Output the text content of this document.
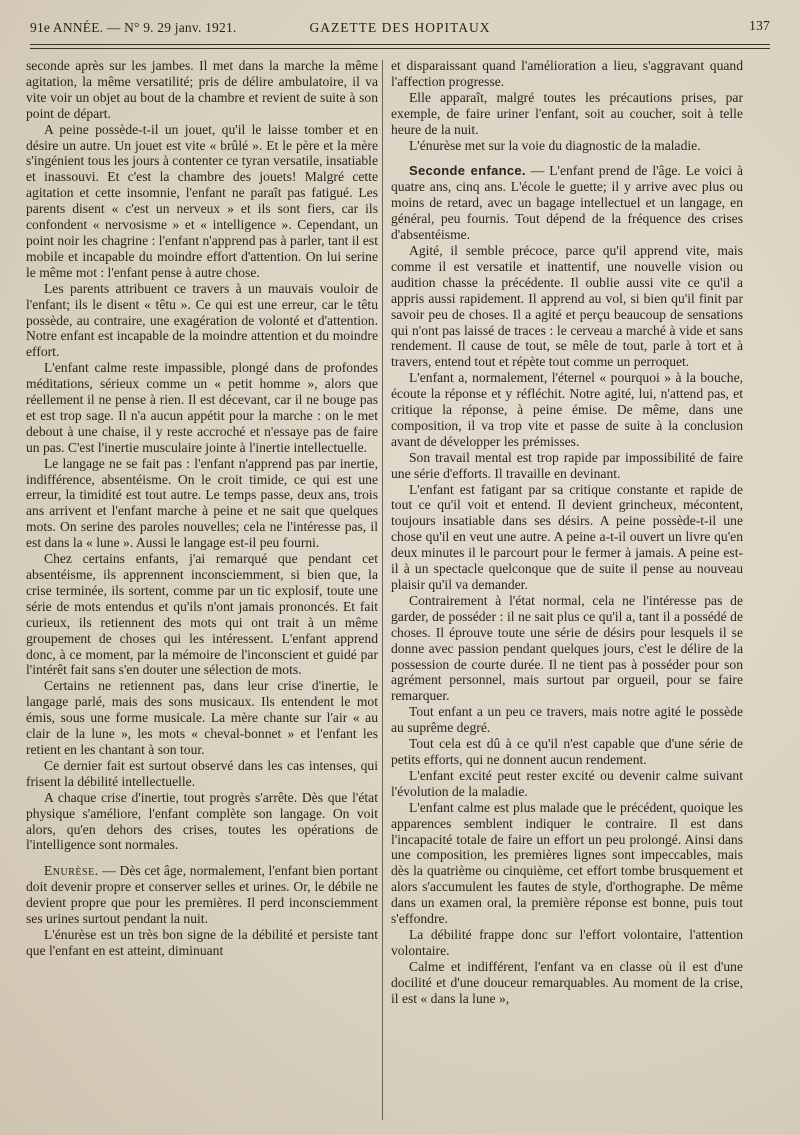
91e ANNÉE. — N° 9. 29 janv. 1921.	GAZETTE DES HOPITAUX	137

seconde après sur les jambes. Il met dans la marche la même agitation, la même versatilité; pris de délire ambulatoire, il va vite voir un objet au bout de la chambre et revient de suite à son point de départ.

A peine possède-t-il un jouet, qu'il le laisse tomber et en désire un autre. Un jouet est vite « brûlé ». Et le père et la mère s'ingénient tous les jours à contenter ce tyran versatile, insatiable et inassouvi. Et c'est la chambre des jouets! Malgré cette agitation et cette insomnie, l'enfant ne paraît pas fatigué. Les parents disent « c'est un nerveux » et ils sont fiers, car ils confondent « nervosisme » et « intelligence ». Cependant, un point noir les chagrine : l'enfant n'apprend pas à parler, tant il est mobile et incapable du moindre effort d'attention. On lui serine le même mot : l'enfant pense à autre chose.

Les parents attribuent ce travers à un mauvais vouloir de l'enfant; ils le disent « têtu ». Ce qui est une erreur, car le têtu possède, au contraire, une exagération de volonté et d'attention. Notre enfant est incapable de la moindre attention et du moindre effort.

L'enfant calme reste impassible, plongé dans de profondes méditations, sérieux comme un « petit homme », alors que réellement il ne pense à rien. Il est décevant, car il ne bouge pas et est trop sage. Il n'a aucun appétit pour la marche : on le met debout à une chaise, il y reste accroché et n'essaye pas de faire un pas. C'est l'inertie musculaire jointe à l'inertie intellectuelle.

Le langage ne se fait pas : l'enfant n'apprend pas par inertie, indifférence, absentéisme. On le croit timide, ce qui est une erreur, la timidité est tout autre. Le temps passe, deux ans, trois ans arrivent et l'enfant marche à peine et ne sait que quelques mots. On serine des paroles nouvelles; cela ne l'intéresse pas, il est dans la « lune ». Aussi le langage est-il peu fourni.

Chez certains enfants, j'ai remarqué que pendant cet absentéisme, ils apprennent inconsciemment, si bien que, la crise terminée, ils sortent, comme par un tic explosif, toute une série de mots entendus et qu'ils n'ont jamais prononcés. Et fait curieux, ils retiennent des mots qui ont trait à un même groupement de choses qui les intéressent. L'enfant apprend donc, à ce moment, par la mémoire de l'inconscient et guidé par l'intérêt fait sans s'en douter une sélection de mots.

Certains ne retiennent pas, dans leur crise d'inertie, le langage parlé, mais des sons musicaux. Ils entendent le mot émis, sous une forme musicale. La mère chante sur l'air « au clair de la lune », les mots « cheval-bonnet » et l'enfant les retient en les chantant à son tour.

Ce dernier fait est surtout observé dans les cas intenses, qui frisent la débilité intellectuelle.

A chaque crise d'inertie, tout progrès s'arrête. Dès que l'état physique s'améliore, l'enfant complète son langage. On voit alors, qu'en dehors des crises, toutes les opérations de l'intelligence sont normales.

Enurèse. — Dès cet âge, normalement, l'enfant bien portant doit devenir propre et conserver selles et urines. Or, le débile ne devient propre que pour les premières. Il perd inconsciemment ses urines surtout pendant la nuit.

L'énurèse est un très bon signe de la débilité et persiste tant que l'enfant en est atteint, diminuant

et disparaissant quand l'amélioration a lieu, s'aggravant quand l'affection progresse.

Elle apparaît, malgré toutes les précautions prises, par exemple, de faire uriner l'enfant, soit au coucher, soit à telle heure de la nuit.

L'énurèse met sur la voie du diagnostic de la maladie.

Seconde enfance. — L'enfant prend de l'âge. Le voici à quatre ans, cinq ans. L'école le guette; il y arrive avec plus ou moins de retard, avec un bagage intellectuel et un langage, en général, peu fournis. Tout dépend de la fréquence des crises d'absentéisme.

Agité, il semble précoce, parce qu'il apprend vite, mais comme il est versatile et inattentif, une nouvelle vision ou audition chasse la précédente. Il oublie aussi vite ce qu'il a appris aussi rapidement. Il apprend au vol, si bien qu'il finit par savoir peu de choses. Il a agité et perçu beaucoup de sensations qui n'ont pas laissé de traces : le cerveau a marché à vide et sans rendement. Il cause de tout, se mêle de tout, parle à tort et à travers, entend tout et répète tout comme un perroquet.

L'enfant a, normalement, l'éternel « pourquoi » à la bouche, écoute la réponse et y réfléchit. Notre agité, lui, n'attend pas, et critique la réponse, à peine émise. De même, dans une composition, il va trop vite et passe de suite à la conclusion avant de développer les prémisses.

Son travail mental est trop rapide par impossibilité de faire une série d'efforts. Il travaille en devinant.

L'enfant est fatigant par sa critique constante et rapide de tout ce qu'il voit et entend. Il devient grincheux, mécontent, toujours insatiable dans ses désirs. A peine possède-t-il une chose qu'il en veut une autre. A peine a-t-il ouvert un livre qu'en deux minutes il le parcourt pour le fermer à jamais. A peine est-il à un spectacle quelconque que de suite il pense au nouveau plaisir qu'il va demander.

Contrairement à l'état normal, cela ne l'intéresse pas de garder, de posséder : il ne sait plus ce qu'il a, tant il a possédé de choses. Il éprouve toute une série de désirs pour lesquels il se donne avec passion pendant quelques jours, c'est le délire de la possession de courte durée. Il ne tient pas à posséder pour son agrément personnel, mais surtout par orgueil, pour se faire remarquer.

Tout enfant a un peu ce travers, mais notre agité le possède au suprême degré.

Tout cela est dû à ce qu'il n'est capable que d'une série de petits efforts, qui ne donnent aucun rendement.

L'enfant excité peut rester excité ou devenir calme suivant l'évolution de la maladie.

L'enfant calme est plus malade que le précédent, quoique les apparences semblent indiquer le contraire. Il est dans l'incapacité totale de faire un effort un peu prolongé. Ainsi dans une composition, les premières lignes sont impeccables, mais dès la quatrième ou cinquième, cet effort tombe brusquement et alors s'accumulent les fautes de style, d'orthographe. De même dans un examen oral, la première réponse est bonne, puis tout s'effondre.

La débilité frappe donc sur l'effort volontaire, l'attention volontaire.

Calme et indifférent, l'enfant va en classe où il est d'une docilité et d'une douceur remarquables. Au moment de la crise, il est « dans la lune »,
